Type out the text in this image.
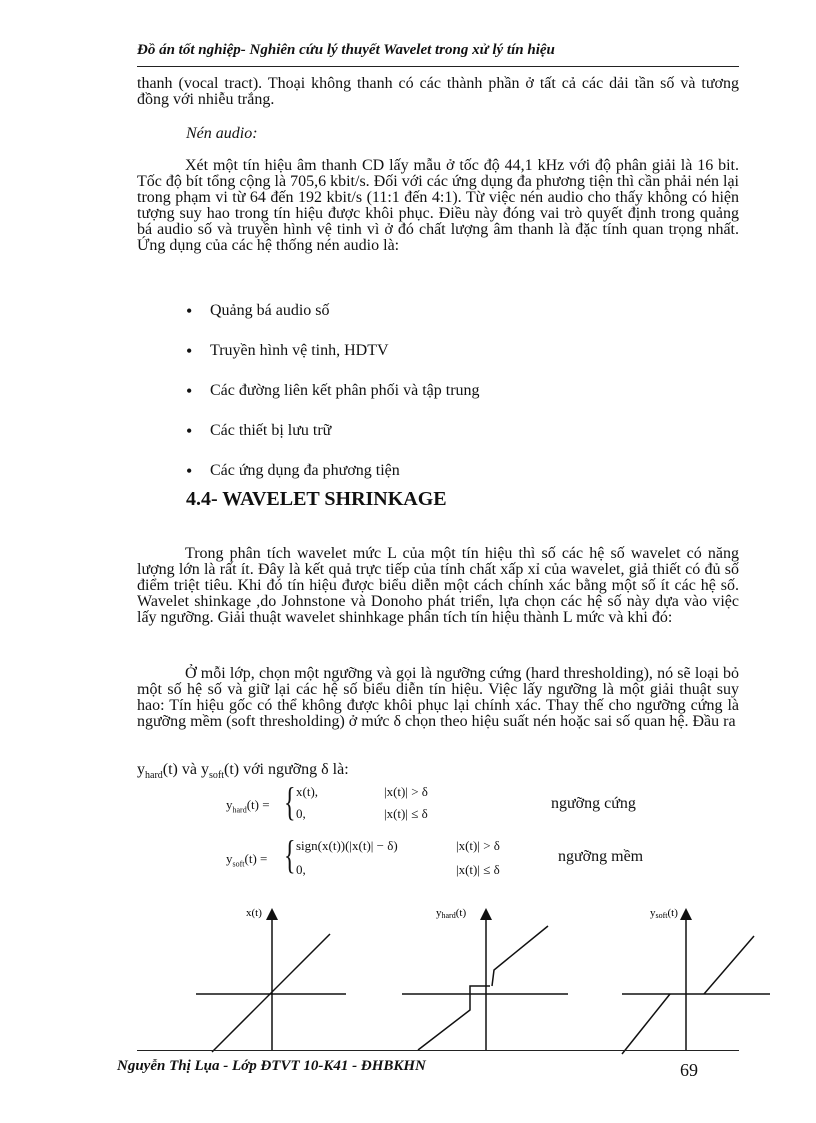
Đồ án tốt nghiệp- Nghiên cứu lý thuyết Wavelet trong xử lý tín hiệu

thanh (vocal tract). Thoại không thanh có các thành phần ở tất cả các dải tần số và tương đồng với nhiễu trắng.

Nén audio:

Xét một tín hiệu âm thanh CD lấy mẫu ở tốc độ 44,1 kHz với độ phân giải là 16 bit. Tốc độ bít tổng cộng là 705,6 kbit/s. Đối với các ứng dụng đa phương tiện thì cần phải nén lại trong phạm vi từ 64 đến 192 kbit/s (11:1 đến 4:1). Từ việc nén audio cho thấy không có hiện tượng suy hao trong tín hiệu được khôi phục. Điều này đóng vai trò quyết định trong quảng bá audio số và truyền hình vệ tinh vì ở đó chất lượng âm thanh là đặc tính quan trọng nhất. Ứng dụng của các hệ thống nén audio là:

• Quảng bá audio số
• Truyền hình vệ tinh, HDTV
• Các đường liên kết phân phối và tập trung
• Các thiết bị lưu trữ
• Các ứng dụng đa phương tiện
4.4- WAVELET SHRINKAGE

Trong phân tích wavelet mức L của một tín hiệu thì số các hệ số wavelet có năng lượng lớn là rất ít. Đây là kết quả trực tiếp của tính chất xấp xỉ của wavelet, giả thiết có đủ số điểm triệt tiêu. Khi đó tín hiệu được biểu diễn một cách chính xác bằng một số ít các hệ số. Wavelet shinkage ,do Johnstone và Donoho phát triển, lựa chọn các hệ số này dựa vào việc lấy ngưỡng. Giải thuật wavelet shinhkage phân tích tín hiệu thành L mức và khi đó:

Ở mỗi lớp, chọn một ngưỡng và gọi là ngưỡng cứng (hard thresholding), nó sẽ loại bỏ một số hệ số và giữ lại các hệ số biểu diễn tín hiệu. Việc lấy ngưỡng là một giải thuật suy hao: Tín hiệu gốc có thể không được khôi phục lại chính xác. Thay thế cho ngưỡng cứng là ngưỡng mềm (soft thresholding) ở mức δ chọn theo hiệu suất nén hoặc sai số quan hệ. Đầu ra

$y_{hard}(t)$ và $y_{soft}(t)$ với ngưỡng δ là:
$y_{hard}(t)$ = { x(t),	|x(t)| > δ
0,	|x(t)| ≤ δ
ngưỡng cứng
$y_{soft}(t)$ = { sign(x(t))(|x(t)| − δ)	|x(t)| > δ
0,	|x(t)| ≤ δ
ngưỡng mềm
x(t)	yhard(t)	ysoft(t)
Nguyễn Thị Lụa - Lớp ĐTVT 10-K41 - ĐHBKHN	69
